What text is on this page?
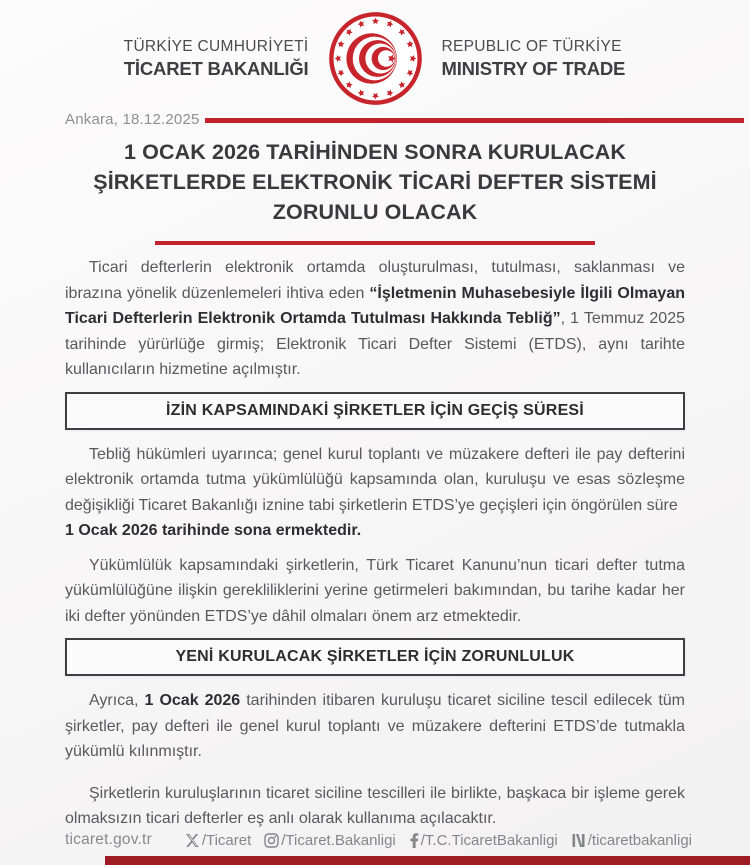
TÜRKİYE CUMHURİYETİ
TİCARET BAKANLIĞI
REPUBLIC OF TÜRKİYE
MINISTRY OF TRADE
Ankara, 18.12.2025
1 OCAK 2026 TARİHİNDEN SONRA KURULACAK
ŞİRKETLERDE ELEKTRONİK TİCARİ DEFTER SİSTEMİ
ZORUNLU OLACAK

Ticari defterlerin elektronik ortamda oluşturulması, tutulması, saklanması ve ibrazına yönelik düzenlemeleri ihtiva eden “İşletmenin Muhasebesiyle İlgili Olmayan Ticari Defterlerin Elektronik Ortamda Tutulması Hakkında Tebliğ”, 1 Temmuz 2025 tarihinde yürürlüğe girmiş; Elektronik Ticari Defter Sistemi (ETDS), aynı tarihte kullanıcıların hizmetine açılmıştır.

İZİN KAPSAMINDAKİ ŞİRKETLER İÇİN GEÇİŞ SÜRESİ

Tebliğ hükümleri uyarınca; genel kurul toplantı ve müzakere defteri ile pay defterini elektronik ortamda tutma yükümlülüğü kapsamında olan, kuruluşu ve esas sözleşme değişikliği Ticaret Bakanlığı iznine tabi şirketlerin ETDS’ye geçişleri için öngörülen süre
1 Ocak 2026 tarihinde sona ermektedir.

Yükümlülük kapsamındaki şirketlerin, Türk Ticaret Kanunu’nun ticari defter tutma yükümlülüğüne ilişkin gerekliliklerini yerine getirmeleri bakımından, bu tarihe kadar her iki defter yönünden ETDS’ye dâhil olmaları önem arz etmektedir.

YENİ KURULACAK ŞİRKETLER İÇİN ZORUNLULUK

Ayrıca, 1 Ocak 2026 tarihinden itibaren kuruluşu ticaret siciline tescil edilecek tüm şirketler, pay defteri ile genel kurul toplantı ve müzakere defterini ETDS’de tutmakla yükümlü kılınmıştır.

Şirketlerin kuruluşlarının ticaret siciline tescilleri ile birlikte, başkaca bir işleme gerek olmaksızın ticari defterler eş anlı olarak kullanıma açılacaktır.

ticaret.gov.tr	/Ticaret /Ticaret.Bakanligi /T.C.TicaretBakanligi /ticaretbakanligi
